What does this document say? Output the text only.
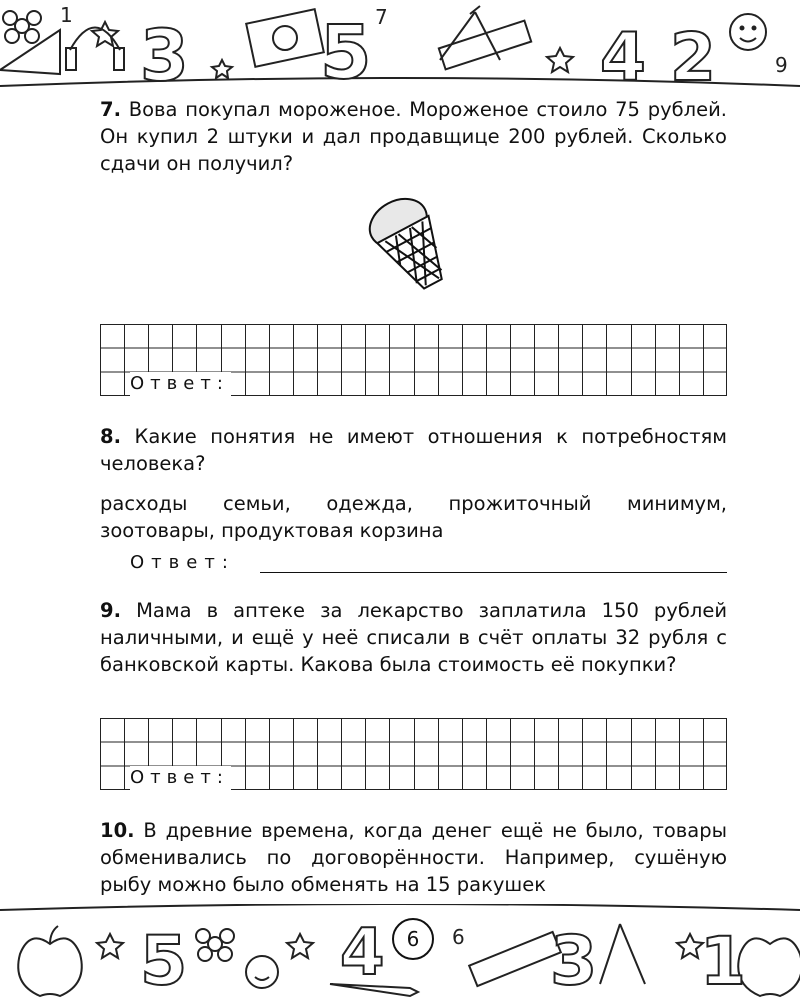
3 5	4 2
1
9
7

7. Вова покупал мороженое. Мороженое стоило 75 рублей. Он купил 2 штуки и дал продавщице 200 рублей. Сколько сдачи он получил?

Ответ:

8. Какие понятия не имеют отношения к потребностям человека?

расходы семьи, одежда, прожиточный минимум, зоотовары, продуктовая корзина

Ответ:

9. Мама в аптеке за лекарство заплатила 150 рублей наличными, и ещё у неё списали в счёт оплаты 32 рубля с банковской карты. Какова была стоимость её покупки?

Ответ:

10. В древние времена, когда денег ещё не было, товары обменивались по договорённости. Например, сушёную рыбу можно было обменять на 15 ракушек

5 4 3 1
6
6
